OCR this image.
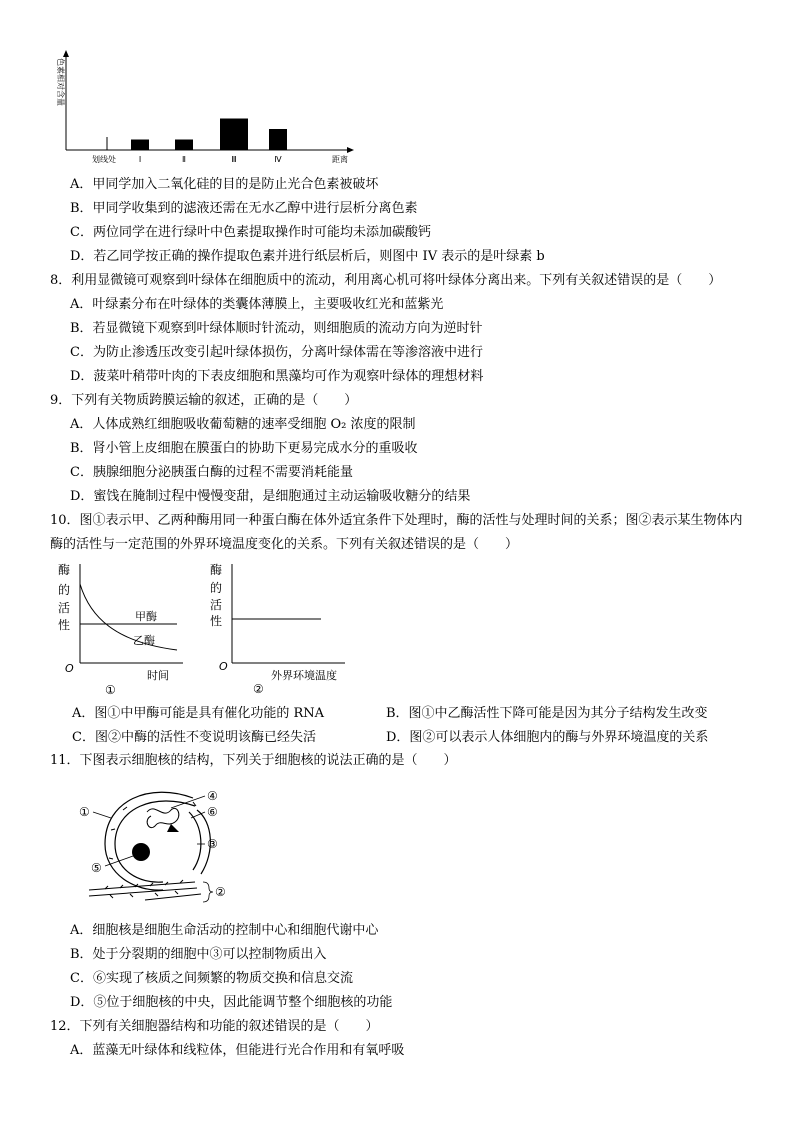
色素相对含量
Ⅰ	Ⅱ	Ⅲ	Ⅳ
划线处	距离
A．甲同学加入二氧化硅的目的是防止光合色素被破坏
B．甲同学收集到的滤液还需在无水乙醇中进行层析分离色素
C．两位同学在进行绿叶中色素提取操作时可能均未添加碳酸钙
D．若乙同学按正确的操作提取色素并进行纸层析后，则图中 IV 表示的是叶绿素 b
8．利用显微镜可观察到叶绿体在细胞质中的流动，利用离心机可将叶绿体分离出来。下列有关叙述错误的是（　　）
A．叶绿素分布在叶绿体的类囊体薄膜上，主要吸收红光和蓝紫光
B．若显微镜下观察到叶绿体顺时针流动，则细胞质的流动方向为逆时针
C．为防止渗透压改变引起叶绿体损伤，分离叶绿体需在等渗溶液中进行
D．菠菜叶稍带叶肉的下表皮细胞和黑藻均可作为观察叶绿体的理想材料
9．下列有关物质跨膜运输的叙述，正确的是（　　）
A．人体成熟红细胞吸收葡萄糖的速率受细胞 O₂ 浓度的限制
B．肾小管上皮细胞在膜蛋白的协助下更易完成水分的重吸收
C．胰腺细胞分泌胰蛋白酶的过程不需要消耗能量
D．蜜饯在腌制过程中慢慢变甜，是细胞通过主动运输吸收糖分的结果
10．图①表示甲、乙两种酶用同一种蛋白酶在体外适宜条件下处理时，酶的活性与处理时间的关系；图②表示某生物体内酶的活性与一定范围的外界环境温度变化的关系。下列有关叙述错误的是（　　）
酶
的
活
性
甲酶
乙酶
O
时间
①
酶
的
活
性
O
外界环境温度
②
A．图①中甲酶可能是具有催化功能的 RNA	B．图①中乙酶活性下降可能是因为其分子结构发生改变
C．图②中酶的活性不变说明该酶已经失活	D．图②可以表示人体细胞内的酶与外界环境温度的关系
11．下图表示细胞核的结构，下列关于细胞核的说法正确的是（　　）
①
④
⑥
③
⑤
②
A．细胞核是细胞生命活动的控制中心和细胞代谢中心
B．处于分裂期的细胞中③可以控制物质出入
C．⑥实现了核质之间频繁的物质交换和信息交流
D．⑤位于细胞核的中央，因此能调节整个细胞核的功能
12．下列有关细胞器结构和功能的叙述错误的是（　　）
A．蓝藻无叶绿体和线粒体，但能进行光合作用和有氧呼吸
